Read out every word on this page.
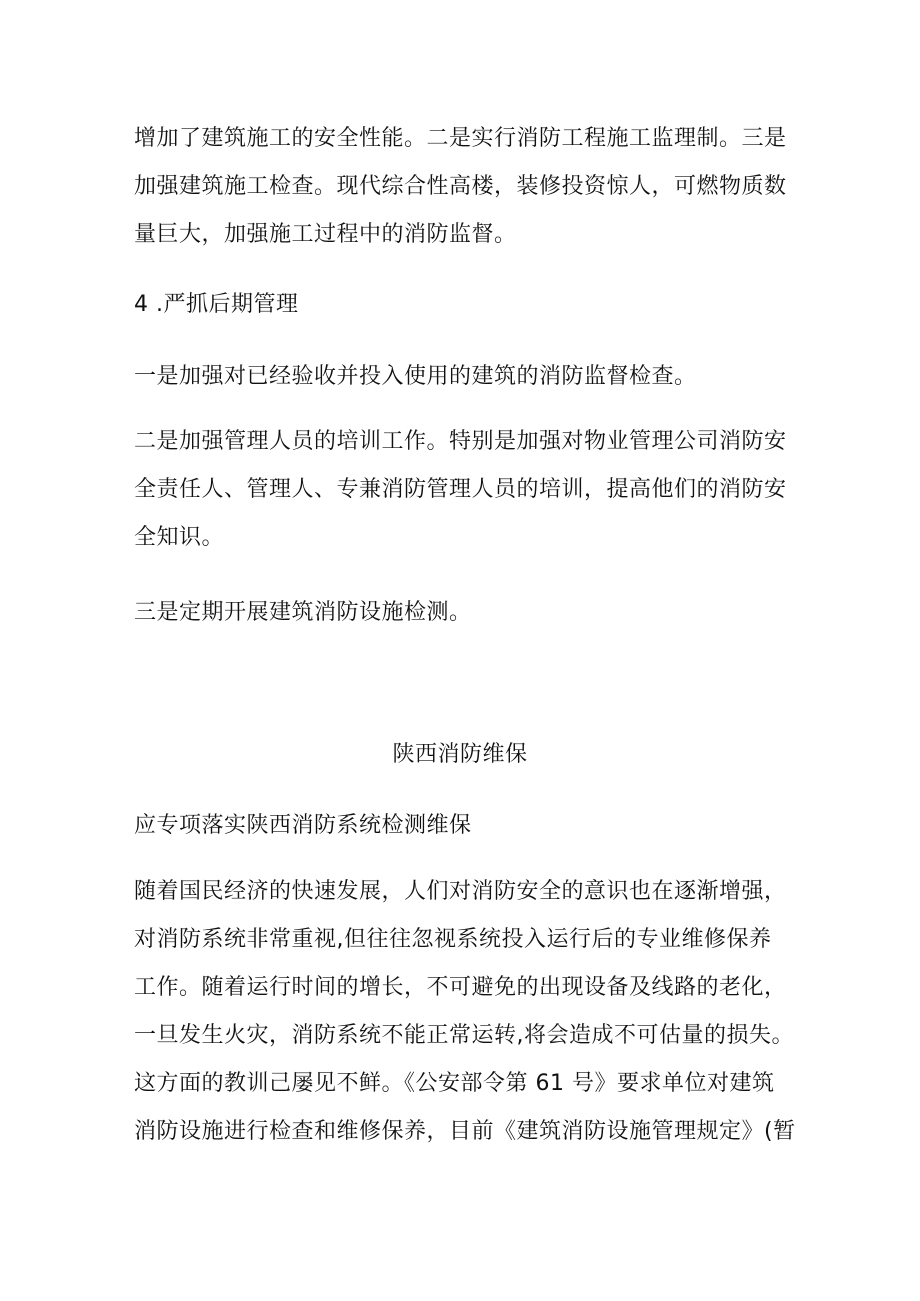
增加了建筑施工的安全性能。二是实行消防工程施工监理制。三是
加强建筑施工检查。现代综合性高楼，装修投资惊人，可燃物质数
量巨大，加强施工过程中的消防监督。

4 .严抓后期管理

一是加强对已经验收并投入使用的建筑的消防监督检查。

二是加强管理人员的培训工作。特别是加强对物业管理公司消防安
全责任人、管理人、专兼消防管理人员的培训，提高他们的消防安
全知识。

三是定期开展建筑消防设施检测。

陕西消防维保

应专项落实陕西消防系统检测维保

随着国民经济的快速发展，人们对消防安全的意识也在逐渐增强，
对消防系统非常重视,但往往忽视系统投入运行后的专业维修保养
工作。随着运行时间的增长，不可避免的出现设备及线路的老化，
一旦发生火灾，消防系统不能正常运转,将会造成不可估量的损失。
这方面的教训己屡见不鲜。《公安部令第 61 号》要求单位对建筑
消防设施进行检查和维修保养，目前《建筑消防设施管理规定》(暂
